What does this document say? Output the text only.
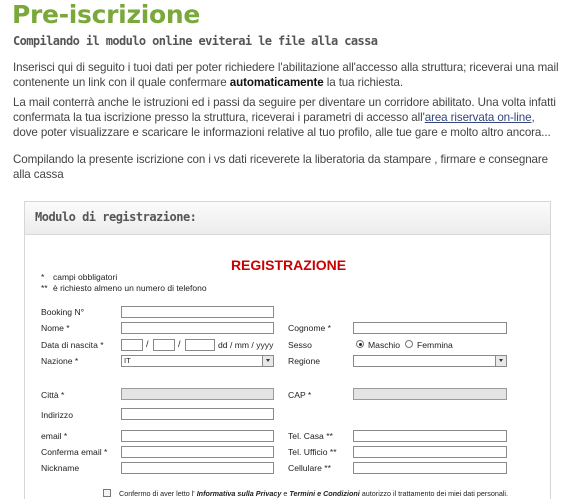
Pre-iscrizione

Compilando il modulo online eviterai le file alla cassa

Inserisci qui di seguito i tuoi dati per poter richiedere l'abilitazione all'accesso alla struttura; riceverai una mail contenente un link con il quale confermare automaticamente la tua richiesta.

La mail conterrà anche le istruzioni ed i passi da seguire per diventare un corridore abilitato. Una volta infatti confermata la tua iscrizione presso la struttura, riceverai i parametri di accesso all'area riservata on-line, dove poter visualizzare e scaricare le informazioni relative al tuo profilo, alle tue gare e molto altro ancora...

Compilando la presente iscrizione con i vs dati riceverete la liberatoria da stampare , firmare e consegnare alla cassa

Modulo di registrazione:
REGISTRAZIONE
* campi obbligatori
** è richiesto almeno un numero di telefono
Booking N°
Nome *	Cognome *
Data di nascita *	/	/	dd / mm / yyyy Sesso	Maschio Femmina
Nazione *	IT	Regione
Città *	CAP *
Indirizzo
email *	Tel. Casa **
Conferma email *	Tel. Ufficio **
Nickname	Cellulare **
Confermo di aver letto l' Informativa sulla Privacy e Termini e Condizioni autorizzo il trattamento dei miei dati personali.
